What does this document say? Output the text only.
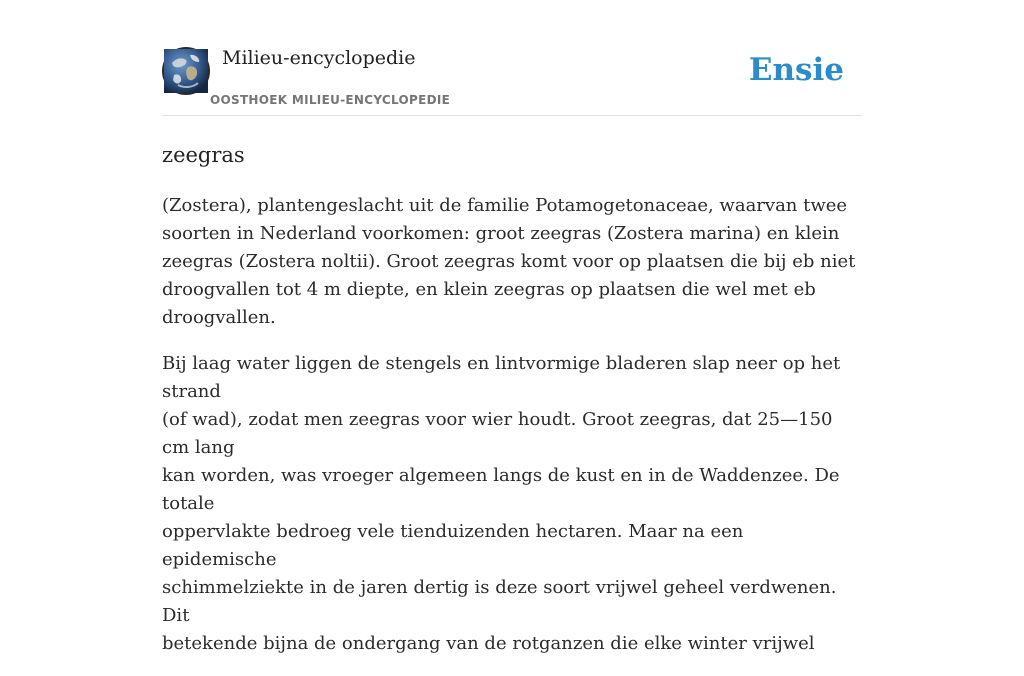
Milieu-encyclopedie
OOSTHOEK MILIEU-ENCYCLOPEDIE
Ensie
zeegras

(Zostera), plantengeslacht uit de familie Potamogetonaceae, waarvan twee
soorten in Nederland voorkomen: groot zeegras (Zostera marina) en klein
zeegras (Zostera noltii). Groot zeegras komt voor op plaatsen die bij eb niet
droogvallen tot 4 m diepte, en klein zeegras op plaatsen die wel met eb
droogvallen.

Bij laag water liggen de stengels en lintvormige bladeren slap neer op het strand
(of wad), zodat men zeegras voor wier houdt. Groot zeegras, dat 25—150 cm lang
kan worden, was vroeger algemeen langs de kust en in de Waddenzee. De totale
oppervlakte bedroeg vele tienduizenden hectaren. Maar na een epidemische
schimmelziekte in de jaren dertig is deze soort vrijwel geheel verdwenen. Dit
betekende bijna de ondergang van de rotganzen die elke winter vrijwel
